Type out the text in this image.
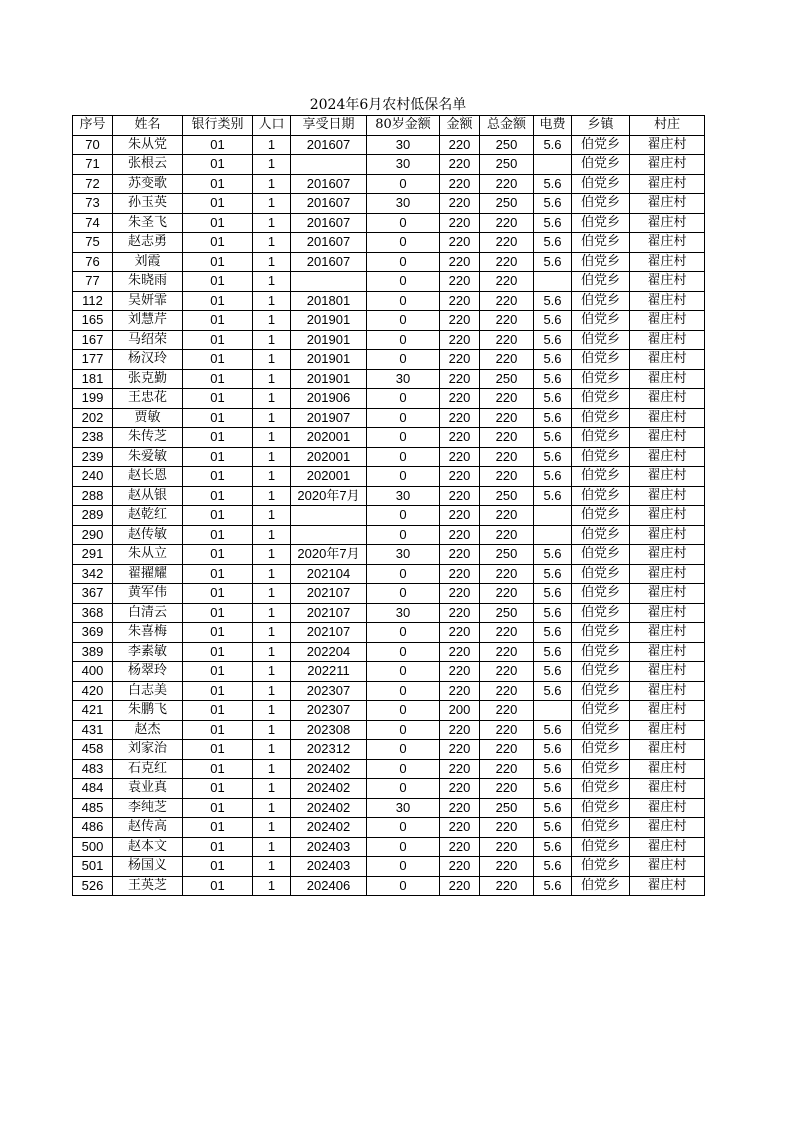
2024年6月农村低保名单
序号	姓名	银行类别	人口	享受日期	80岁金额	金额	总金额	电费	乡镇	村庄
70	朱从党	01	1	201607	30	220	250	5.6	伯党乡	翟庄村
71	张根云	01	1		30	220	250		伯党乡	翟庄村
72	苏变歌	01	1	201607	0	220	220	5.6	伯党乡	翟庄村
73	孙玉英	01	1	201607	30	220	250	5.6	伯党乡	翟庄村
74	朱圣飞	01	1	201607	0	220	220	5.6	伯党乡	翟庄村
75	赵志勇	01	1	201607	0	220	220	5.6	伯党乡	翟庄村
76	刘霞	01	1	201607	0	220	220	5.6	伯党乡	翟庄村
77	朱晓雨	01	1		0	220	220		伯党乡	翟庄村
112	吴妍霏	01	1	201801	0	220	220	5.6	伯党乡	翟庄村
165	刘慧芹	01	1	201901	0	220	220	5.6	伯党乡	翟庄村
167	马绍荣	01	1	201901	0	220	220	5.6	伯党乡	翟庄村
177	杨汉玲	01	1	201901	0	220	220	5.6	伯党乡	翟庄村
181	张克勤	01	1	201901	30	220	250	5.6	伯党乡	翟庄村
199	王忠花	01	1	201906	0	220	220	5.6	伯党乡	翟庄村
202	贾敏	01	1	201907	0	220	220	5.6	伯党乡	翟庄村
238	朱传芝	01	1	202001	0	220	220	5.6	伯党乡	翟庄村
239	朱爱敏	01	1	202001	0	220	220	5.6	伯党乡	翟庄村
240	赵长恩	01	1	202001	0	220	220	5.6	伯党乡	翟庄村
288	赵从银	01	1	2020年7月	30	220	250	5.6	伯党乡	翟庄村
289	赵乾红	01	1		0	220	220		伯党乡	翟庄村
290	赵传敏	01	1		0	220	220		伯党乡	翟庄村
291	朱从立	01	1	2020年7月	30	220	250	5.6	伯党乡	翟庄村
342	翟擢耀	01	1	202104	0	220	220	5.6	伯党乡	翟庄村
367	黄军伟	01	1	202107	0	220	220	5.6	伯党乡	翟庄村
368	白清云	01	1	202107	30	220	250	5.6	伯党乡	翟庄村
369	朱喜梅	01	1	202107	0	220	220	5.6	伯党乡	翟庄村
389	李素敏	01	1	202204	0	220	220	5.6	伯党乡	翟庄村
400	杨翠玲	01	1	202211	0	220	220	5.6	伯党乡	翟庄村
420	白志美	01	1	202307	0	220	220	5.6	伯党乡	翟庄村
421	朱鹏飞	01	1	202307	0	200	220		伯党乡	翟庄村
431	赵杰	01	1	202308	0	220	220	5.6	伯党乡	翟庄村
458	刘家治	01	1	202312	0	220	220	5.6	伯党乡	翟庄村
483	石克红	01	1	202402	0	220	220	5.6	伯党乡	翟庄村
484	袁业真	01	1	202402	0	220	220	5.6	伯党乡	翟庄村
485	李纯芝	01	1	202402	30	220	250	5.6	伯党乡	翟庄村
486	赵传高	01	1	202402	0	220	220	5.6	伯党乡	翟庄村
500	赵本文	01	1	202403	0	220	220	5.6	伯党乡	翟庄村
501	杨国义	01	1	202403	0	220	220	5.6	伯党乡	翟庄村
526	王英芝	01	1	202406	0	220	220	5.6	伯党乡	翟庄村
